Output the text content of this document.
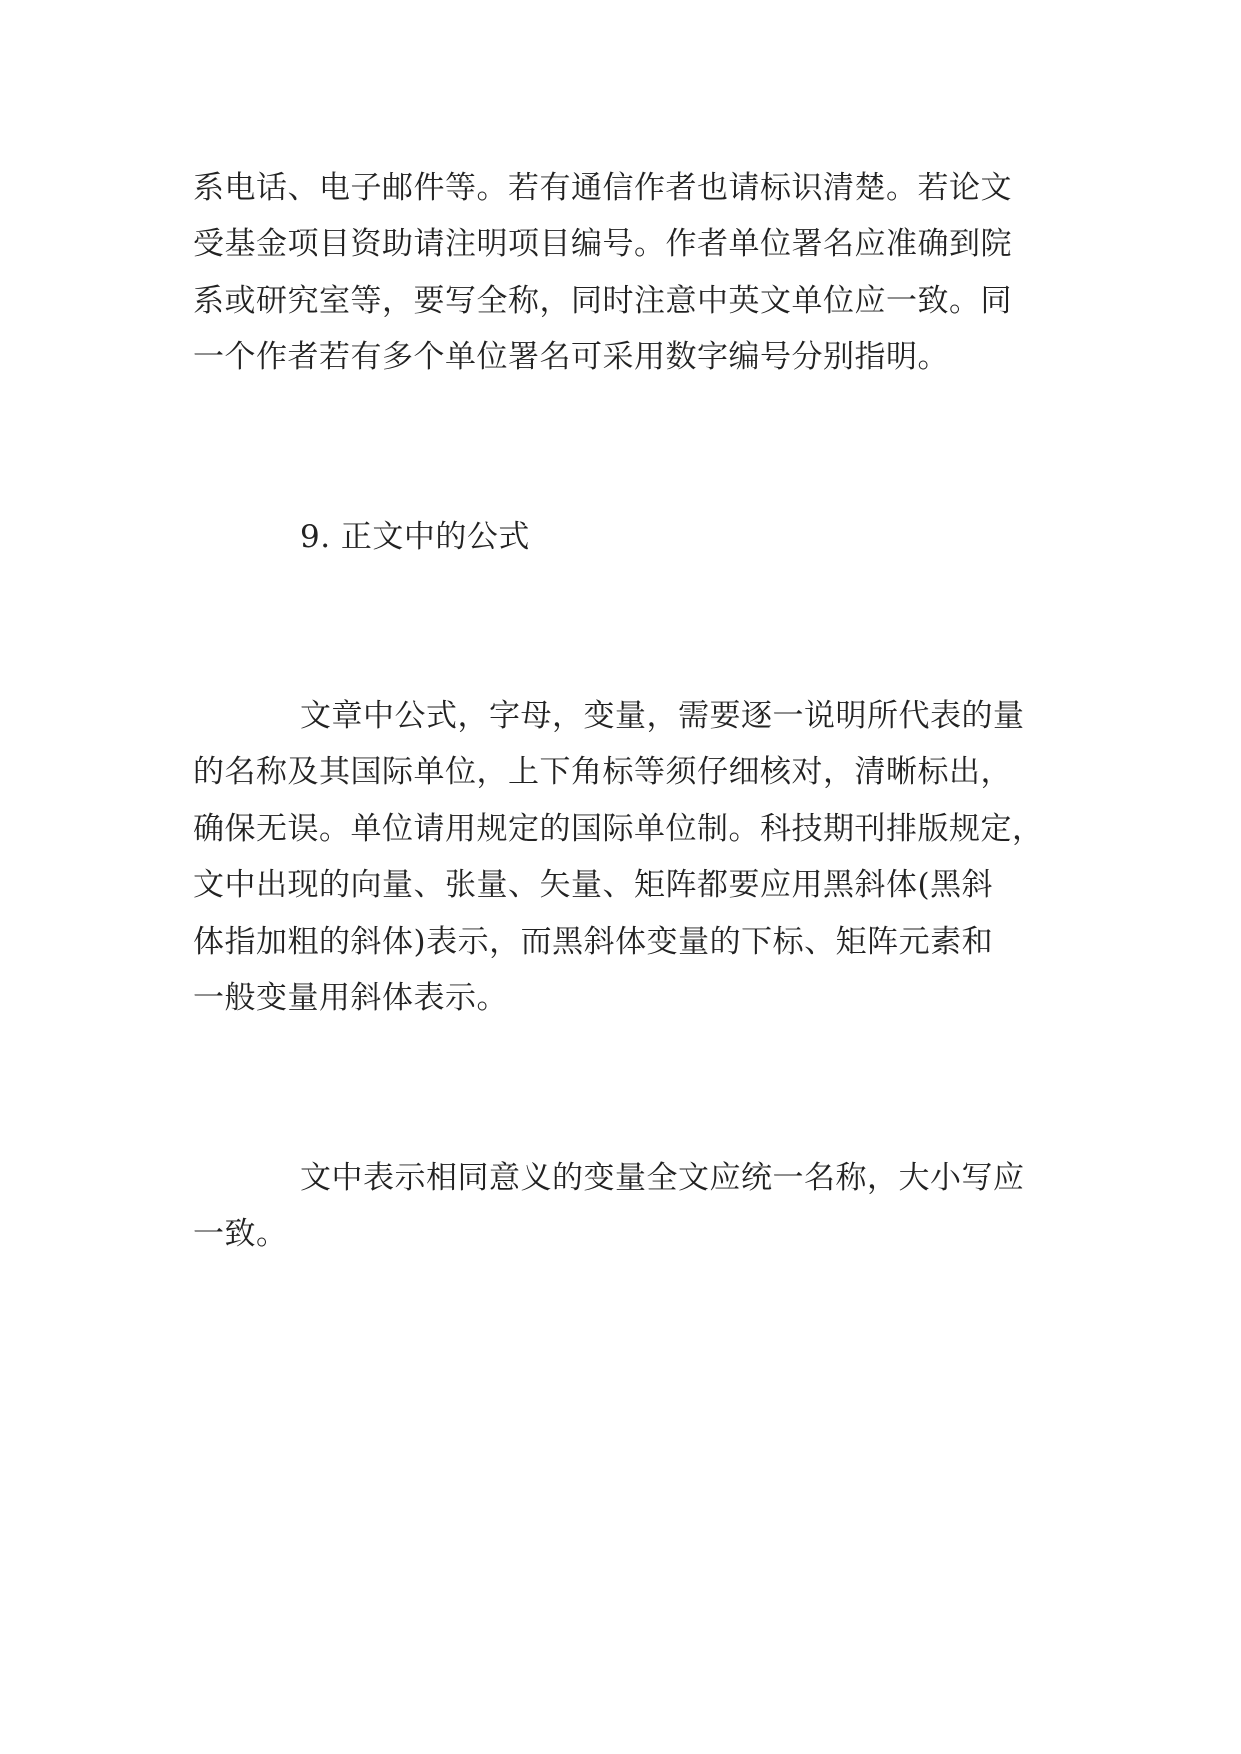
系电话、电子邮件等。若有通信作者也请标识清楚。若论文
受基金项目资助请注明项目编号。作者单位署名应准确到院
系或研究室等，要写全称，同时注意中英文单位应一致。同
一个作者若有多个单位署名可采用数字编号分别指明。
9. 正文中的公式
文章中公式，字母，变量，需要逐一说明所代表的量
的名称及其国际单位，上下角标等须仔细核对，清晰标出，
确保无误。单位请用规定的国际单位制。科技期刊排版规定，
文中出现的向量、张量、矢量、矩阵都要应用黑斜体(黑斜
体指加粗的斜体)表示，而黑斜体变量的下标、矩阵元素和
一般变量用斜体表示。
文中表示相同意义的变量全文应统一名称，大小写应
一致。
